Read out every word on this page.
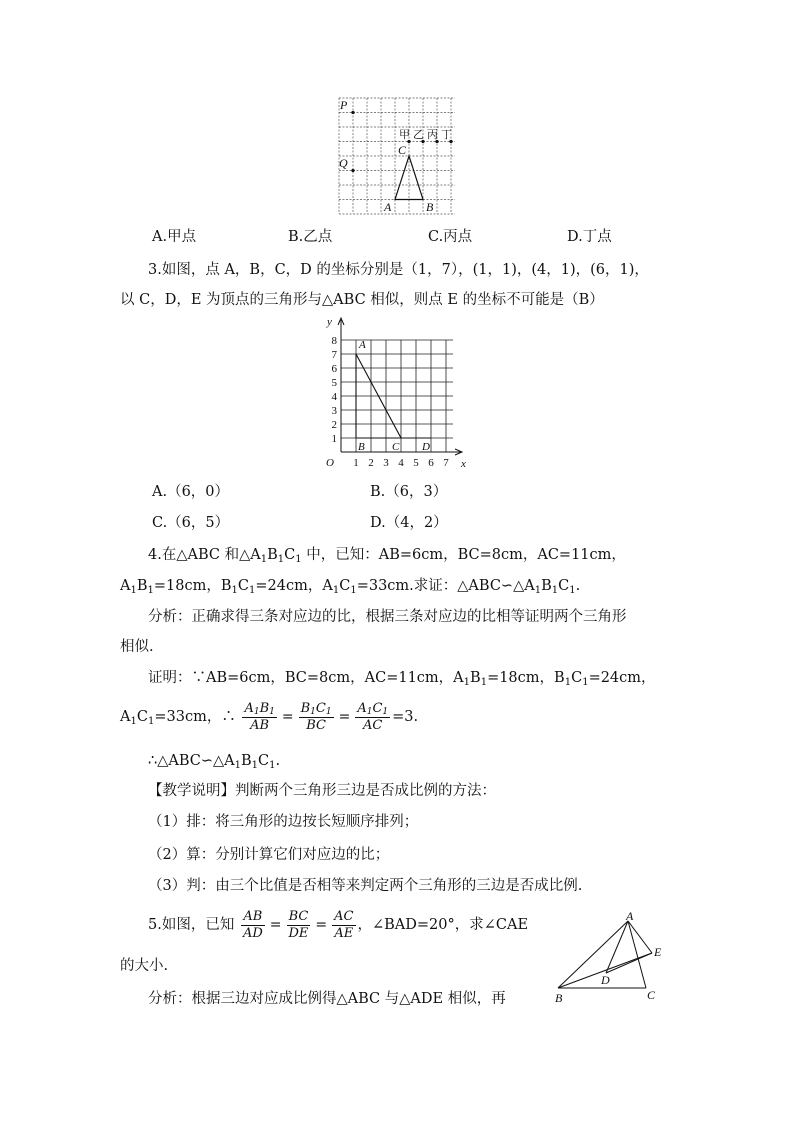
P
Q
C
A	B
甲 乙 丙 丁
A.甲点	B.乙点	C.丙点	D.丁点
3.如图，点 A，B，C，D 的坐标分别是（1，7），(1，1)，(4，1)，(6，1)，
以 C，D，E 为顶点的三角形与△ABC 相似，则点 E 的坐标不可能是（B）
y
x
O
A
B C D
1
2
3
4
5
6
7
8
1 2 3 4 5 6 7
A.（6，0）	B.（6，3）
C.（6，5）	D.（4，2）
4.在△ABC 和$\triangle A_1B_1C_1$ 中，已知：AB=6cm，BC=8cm，AC=11cm，
$A_1B_1=18cm$，$B_1C_1=24cm$，$A_1C_1=33cm$.求证：$\triangle ABC∽\triangle A_1B_1C_1$.
分析：正确求得三条对应边的比，根据三条对应边的比相等证明两个三角形
相似.
证明：∵AB=6cm，BC=8cm，AC=11cm，$A_1B_1=18cm$，$B_1C_1=24cm$，
$A_1C_1=33cm$，∴ $\frac{A_1B_1}{AB} = \frac{B_1C_1}{BC} = \frac{A_1C_1}{AC} =3$.
$\therefore\triangle ABC∽\triangle A_1B_1C_1$.
【教学说明】判断两个三角形三边是否成比例的方法：
（1）排：将三角形的边按长短顺序排列；
（2）算：分别计算它们对应边的比；
（3）判：由三个比值是否相等来判定两个三角形的三边是否成比例.
5.如图，已知 $\frac{AB}{AD} = \frac{BC}{DE} = \frac{AC}{AE}$ ，∠BAD=20°，求∠CAE
的大小.
分析：根据三边对应成比例得△ABC 与△ADE 相似，再
A
E
D
B	C
